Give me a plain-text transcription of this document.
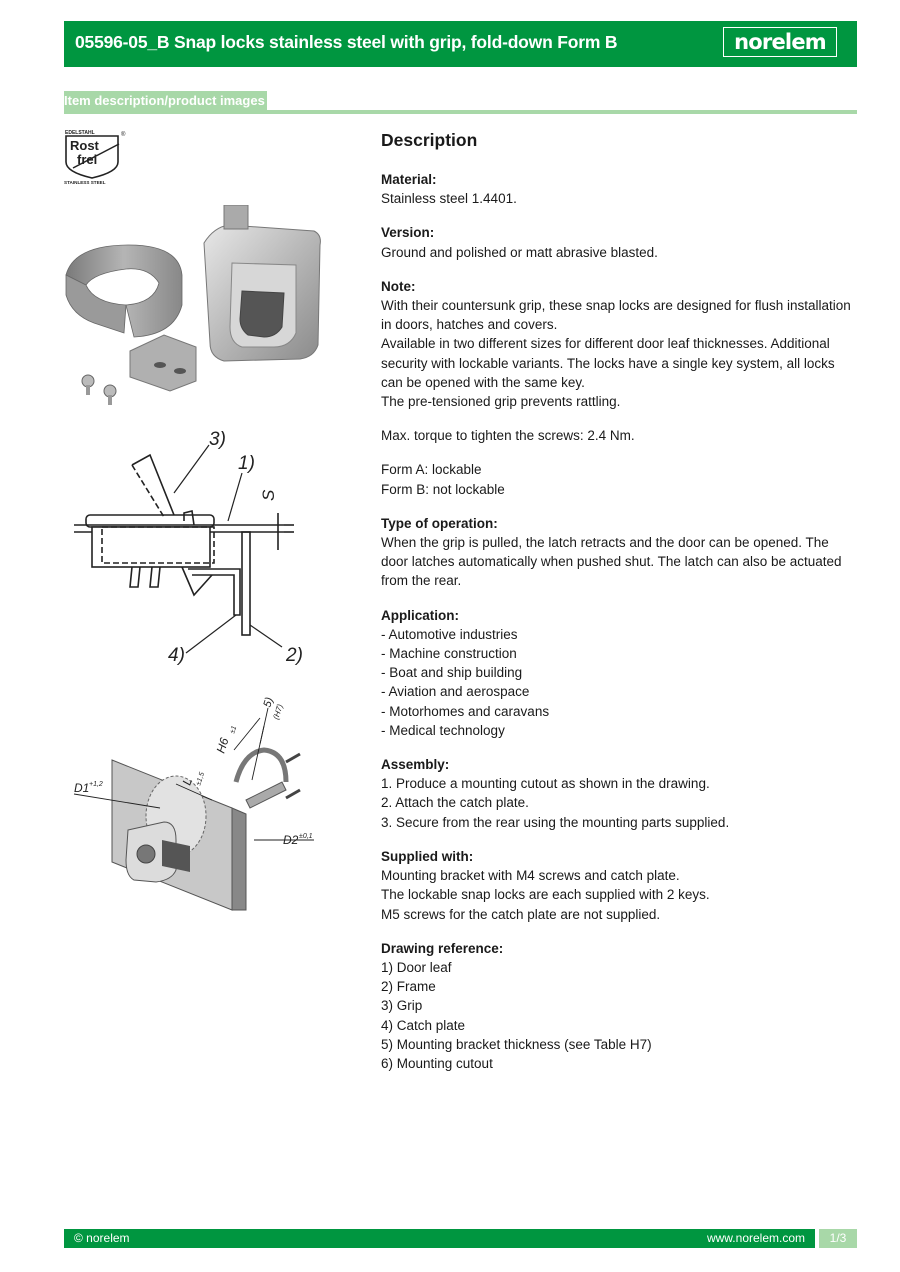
05596-05_B Snap locks stainless steel with grip, fold-down Form B	norelem
Item description/product images
EDELSTAHL	®
Rost
frei
STAINLESS STEEL
3)
1)
S
4)	2)
5)
(H7)
H6
±1
L ±1,5
D1 +1,2
D2 ±0,1
Description
Material:
Stainless steel 1.4401.
Version:
Ground and polished or matt abrasive blasted.
Note:
With their countersunk grip, these snap locks are designed for flush installation in doors, hatches and covers.
Available in two different sizes for different door leaf thicknesses. Additional security with lockable variants. The locks have a single key system, all locks can be opened with the same key.
The pre-tensioned grip prevents rattling.
Max. torque to tighten the screws: 2.4 Nm.
Form A: lockable
Form B: not lockable
Type of operation:
When the grip is pulled, the latch retracts and the door can be opened. The door latches automatically when pushed shut. The latch can also be actuated from the rear.
Application:
- Automotive industries
- Machine construction
- Boat and ship building
- Aviation and aerospace
- Motorhomes and caravans
- Medical technology
Assembly:
1. Produce a mounting cutout as shown in the drawing.
2. Attach the catch plate.
3. Secure from the rear using the mounting parts supplied.
Supplied with:
Mounting bracket with M4 screws and catch plate.
The lockable snap locks are each supplied with 2 keys.
M5 screws for the catch plate are not supplied.
Drawing reference:
1) Door leaf
2) Frame
3) Grip
4) Catch plate
5) Mounting bracket thickness (see Table H7)
6) Mounting cutout
© norelem	www.norelem.com	1/3
